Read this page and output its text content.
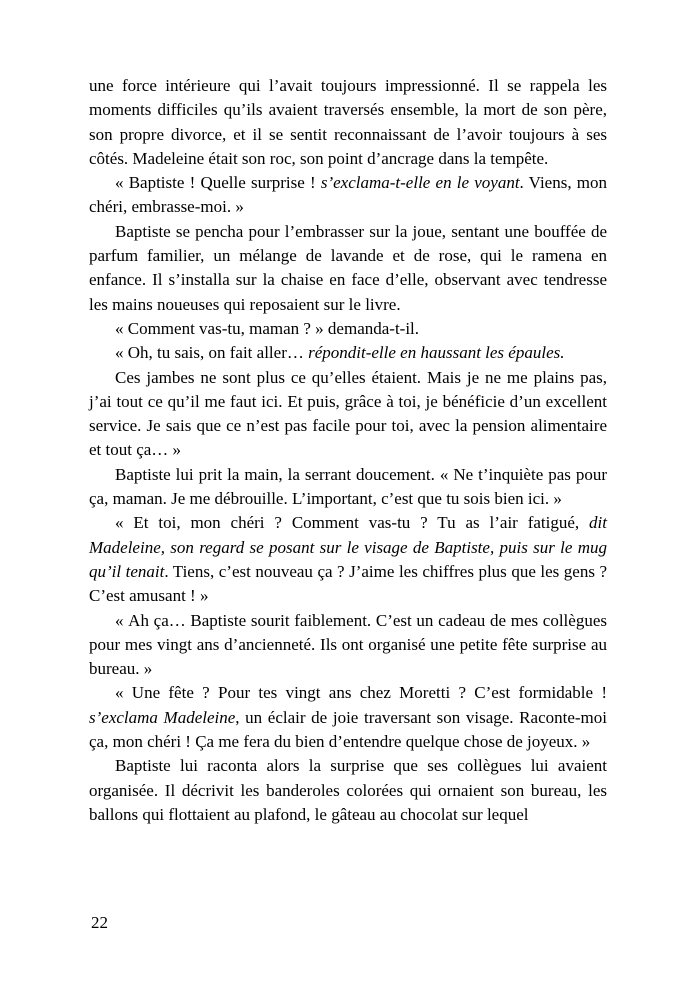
une force intérieure qui l’avait toujours impressionné. Il se rappela les moments difficiles qu’ils avaient traversés ensemble, la mort de son père, son propre divorce, et il se sentit reconnaissant de l’avoir toujours à ses côtés. Madeleine était son roc, son point d’ancrage dans la tempête.

« Baptiste ! Quelle surprise ! s’exclama-t-elle en le voyant. Viens, mon chéri, embrasse-moi. »

Baptiste se pencha pour l’embrasser sur la joue, sentant une bouffée de parfum familier, un mélange de lavande et de rose, qui le ramena en enfance. Il s’installa sur la chaise en face d’elle, observant avec tendresse les mains noueuses qui reposaient sur le livre.

« Comment vas-tu, maman ? » demanda-t-il.

« Oh, tu sais, on fait aller… répondit-elle en haussant les épaules.

Ces jambes ne sont plus ce qu’elles étaient. Mais je ne me plains pas, j’ai tout ce qu’il me faut ici. Et puis, grâce à toi, je bénéficie d’un excellent service. Je sais que ce n’est pas facile pour toi, avec la pension alimentaire et tout ça… »

Baptiste lui prit la main, la serrant doucement. « Ne t’inquiète pas pour ça, maman. Je me débrouille. L’important, c’est que tu sois bien ici. »

« Et toi, mon chéri ? Comment vas-tu ? Tu as l’air fatigué, dit Madeleine, son regard se posant sur le visage de Baptiste, puis sur le mug qu’il tenait. Tiens, c’est nouveau ça ? J’aime les chiffres plus que les gens ? C’est amusant ! »

« Ah ça… Baptiste sourit faiblement. C’est un cadeau de mes collègues pour mes vingt ans d’ancienneté. Ils ont organisé une petite fête surprise au bureau. »

« Une fête ? Pour tes vingt ans chez Moretti ? C’est formidable ! s’exclama Madeleine, un éclair de joie traversant son visage. Raconte-moi ça, mon chéri ! Ça me fera du bien d’entendre quelque chose de joyeux. »

Baptiste lui raconta alors la surprise que ses collègues lui avaient organisée. Il décrivit les banderoles colorées qui ornaient son bureau, les ballons qui flottaient au plafond, le gâteau au chocolat sur lequel

22
